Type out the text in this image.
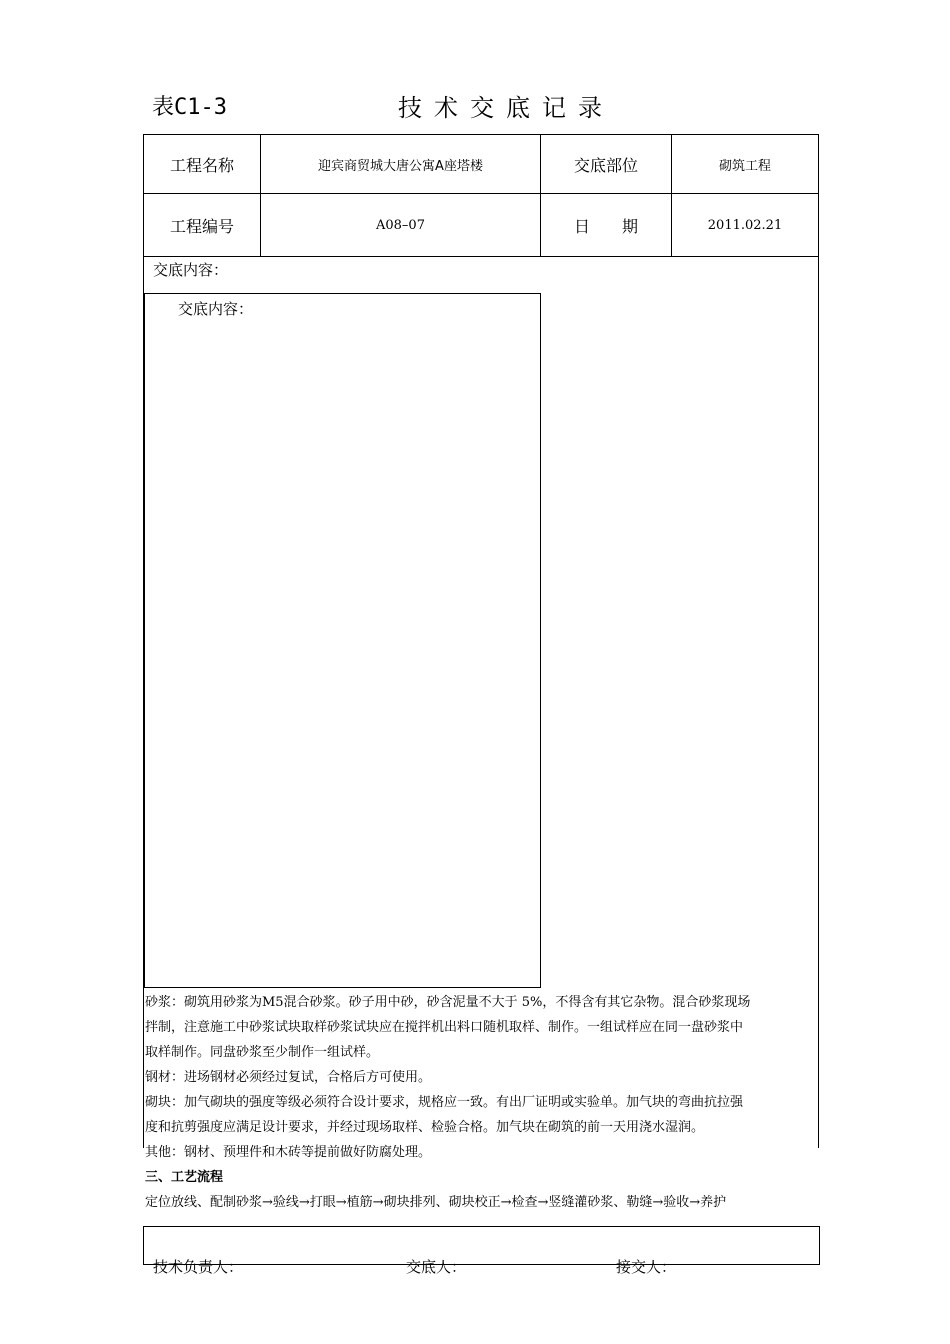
表C1-3	技术交底记录
工程名称	迎宾商贸城大唐公寓A座塔楼	交底部位	砌筑工程
工程编号	A08–07	日　　期	2011.02.21
交底内容：
交底内容：
砂浆：砌筑用砂浆为M5混合砂浆。砂子用中砂，砂含泥量不大于 5%，不得含有其它杂物。混合砂浆现场
拌制，注意施工中砂浆试块取样砂浆试块应在搅拌机出料口随机取样、制作。一组试样应在同一盘砂浆中
取样制作。同盘砂浆至少制作一组试样。
钢材：进场钢材必须经过复试，合格后方可使用。
砌块：加气砌块的强度等级必须符合设计要求，规格应一致。有出厂证明或实验单。加气块的弯曲抗拉强
度和抗剪强度应满足设计要求，并经过现场取样、检验合格。加气块在砌筑的前一天用浇水湿润。
其他：钢材、预埋件和木砖等提前做好防腐处理。
三、工艺流程
定位放线、配制砂浆→验线→打眼→植筋→砌块排列、砌块校正→检查→竖缝灌砂浆、勒缝→验收→养护
技术负责人：	交底人：	接交人：
